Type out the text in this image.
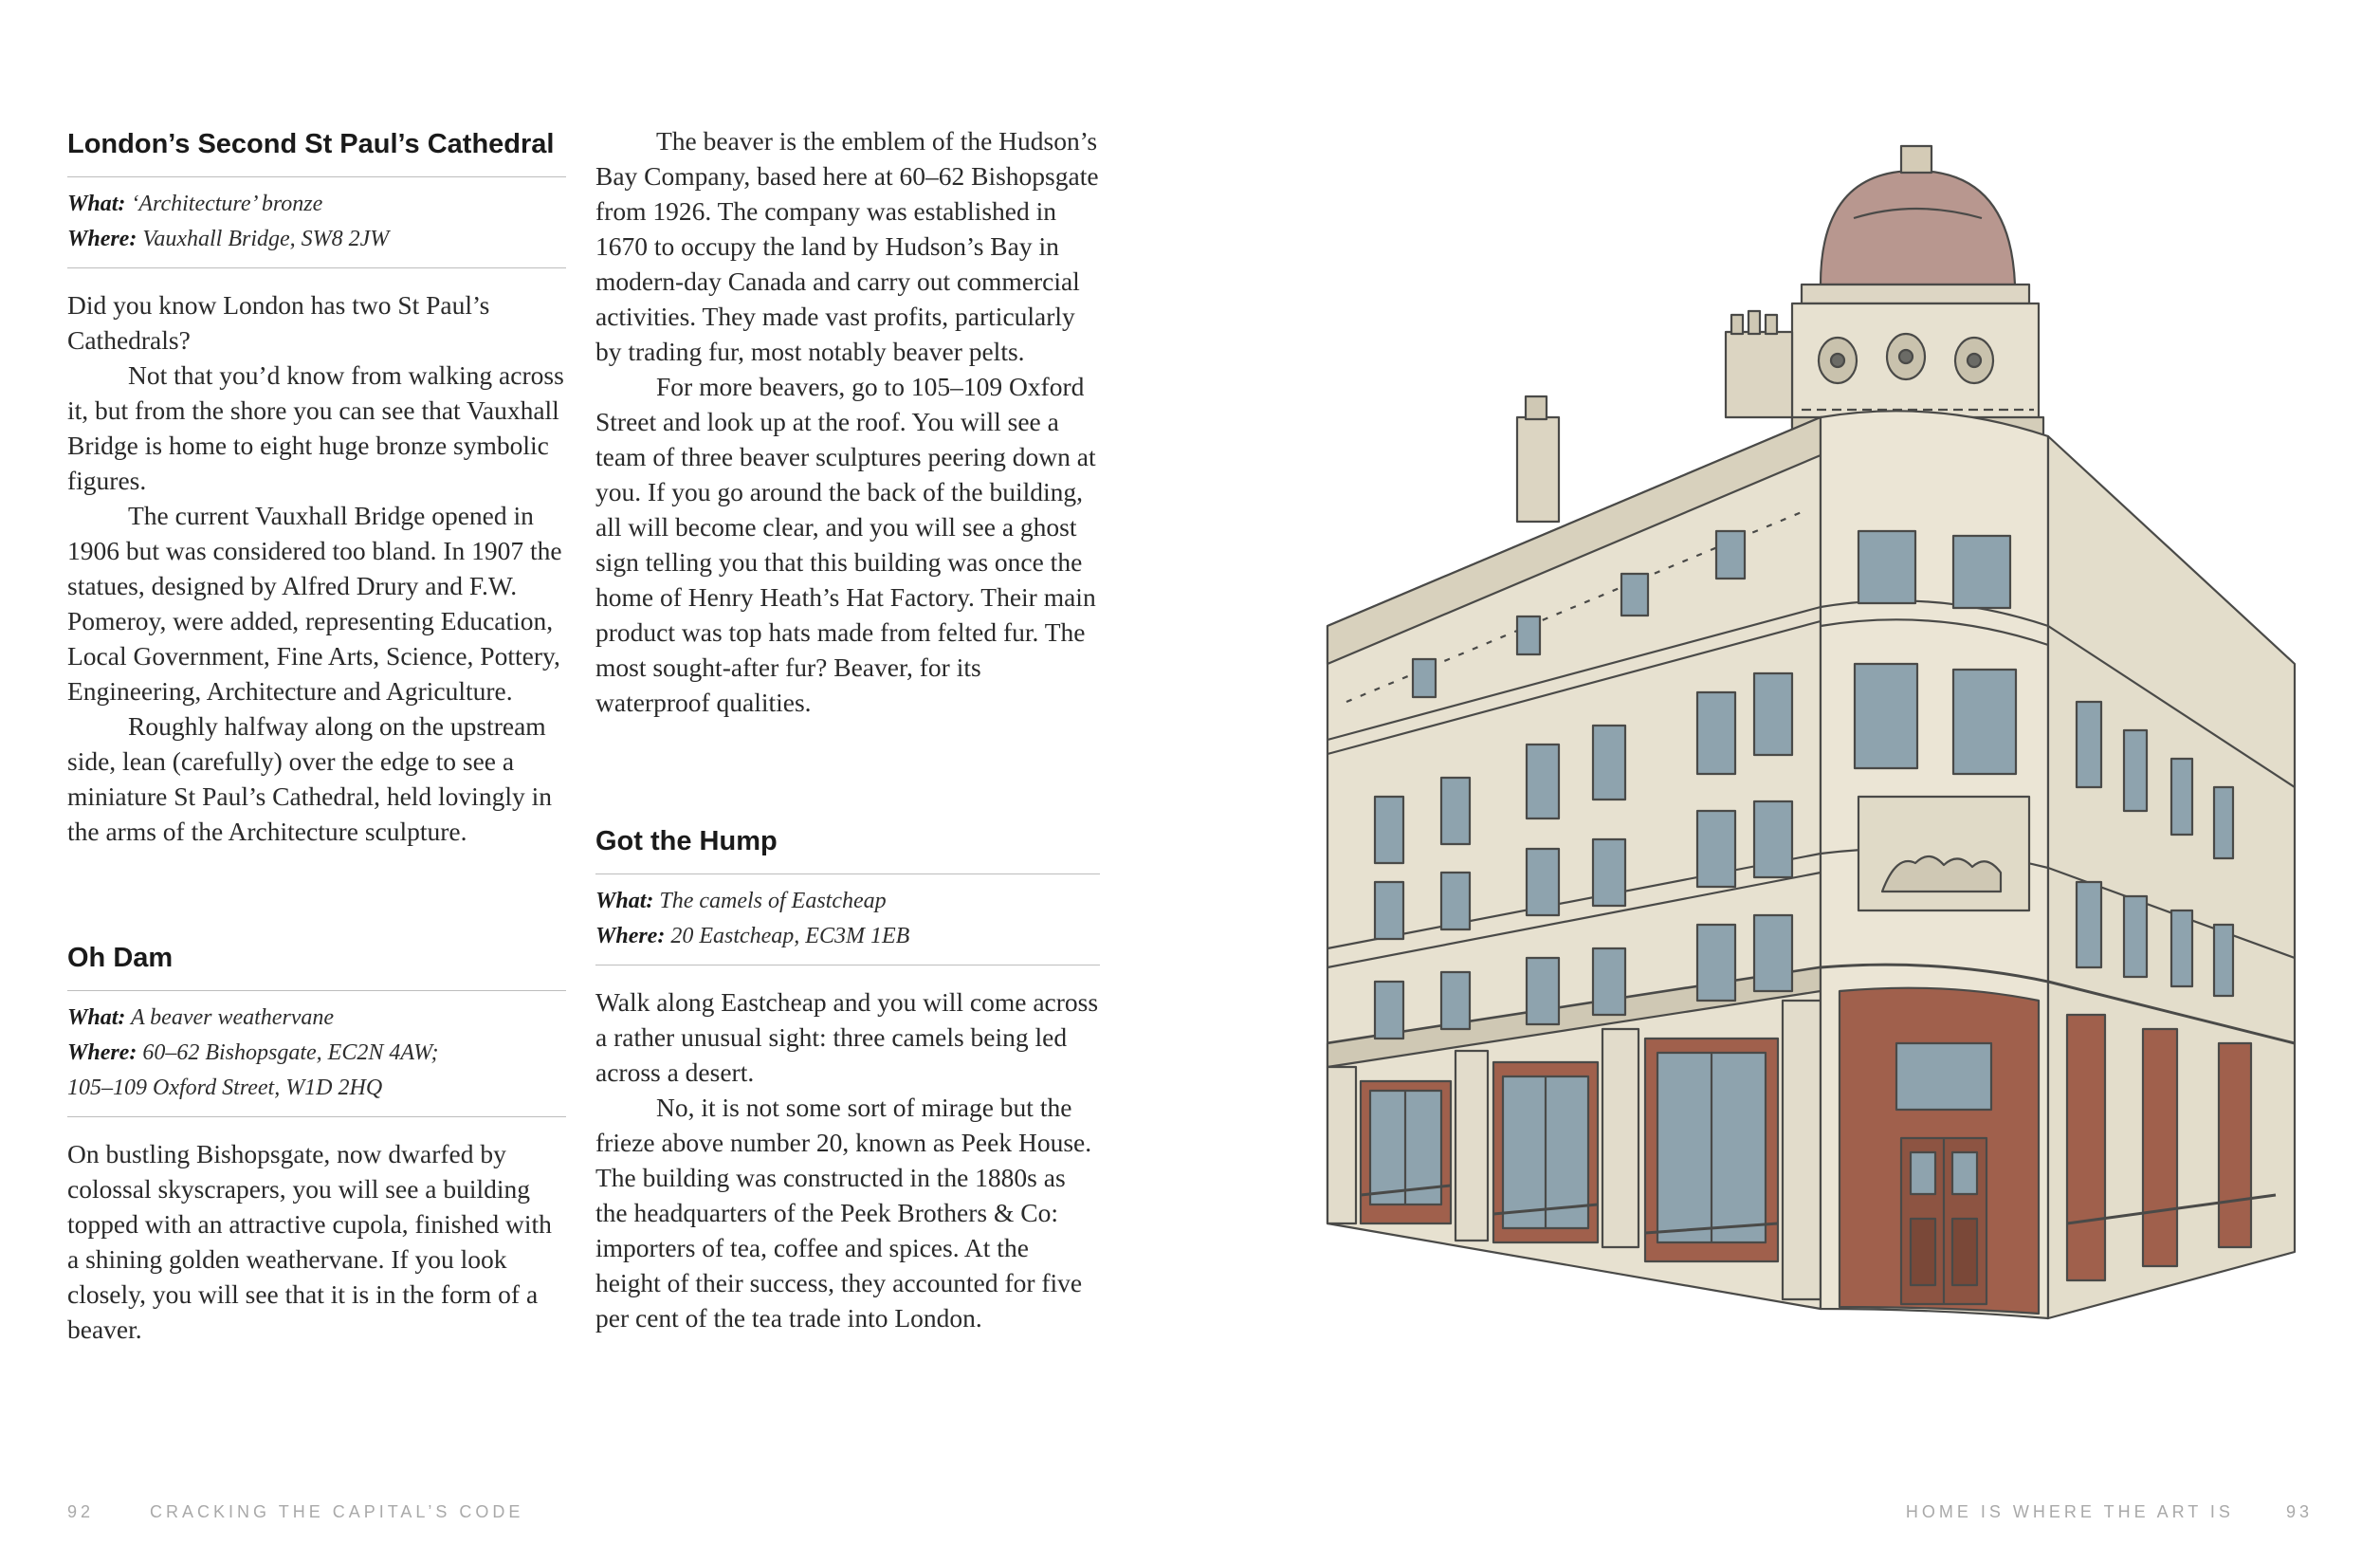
London’s Second St Paul’s Cathedral
What: ‘Architecture’ bronze
Where: Vauxhall Bridge, SW8 2JW

Did you know London has two St Paul’s Cathedrals?

Not that you’d know from walking across it, but from the shore you can see that Vauxhall Bridge is home to eight huge bronze symbolic figures.

The current Vauxhall Bridge opened in 1906 but was considered too bland. In 1907 the statues, designed by Alfred Drury and F.W. Pomeroy, were added, representing Education, Local Government, Fine Arts, Science, Pottery, Engineering, Architecture and Agriculture.

Roughly halfway along on the upstream side, lean (carefully) over the edge to see a miniature St Paul’s Cathedral, held lovingly in the arms of the Architecture sculpture.

Oh Dam
What: A beaver weathervane
Where: 60–62 Bishopsgate, EC2N 4AW;
105–109 Oxford Street, W1D 2HQ

On bustling Bishopsgate, now dwarfed by colossal skyscrapers, you will see a building topped with an attractive cupola, finished with a shining golden weathervane. If you look closely, you will see that it is in the form of a beaver.

The beaver is the emblem of the Hudson’s Bay Company, based here at 60–62 Bishopsgate from 1926. The company was established in 1670 to occupy the land by Hudson’s Bay in modern-day Canada and carry out commercial activities. They made vast profits, particularly by trading fur, most notably beaver pelts.

For more beavers, go to 105–109 Oxford Street and look up at the roof. You will see a team of three beaver sculptures peering down at you. If you go around the back of the building, all will become clear, and you will see a ghost sign telling you that this building was once the home of Henry Heath’s Hat Factory. Their main product was top hats made from felted fur. The most sought-after fur? Beaver, for its waterproof qualities.

Got the Hump
What: The camels of Eastcheap
Where: 20 Eastcheap, EC3M 1EB

Walk along Eastcheap and you will come across a rather unusual sight: three camels being led across a desert.

No, it is not some sort of mirage but the frieze above number 20, known as Peek House. The building was constructed in the 1880s as the headquarters of the Peek Brothers & Co: importers of tea, coffee and spices. At the height of their success, they accounted for five per cent of the tea trade into London.

92	CRACKING THE CAPITAL’S CODE	HOME IS WHERE THE ART IS	93
